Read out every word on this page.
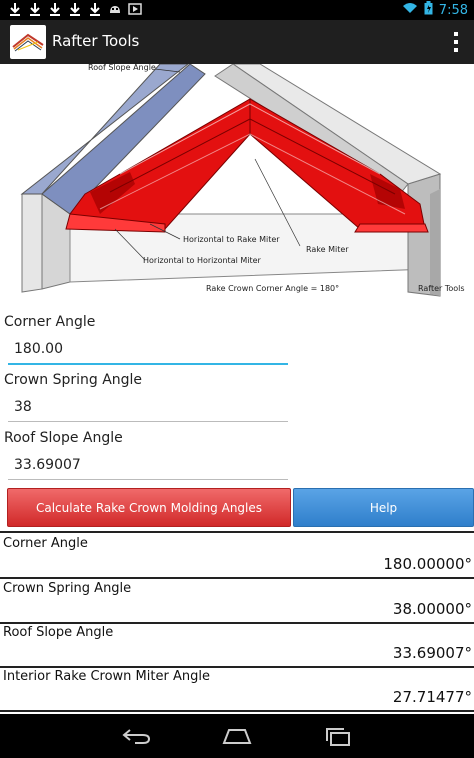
7:58
Rafter Tools
Roof Slope Angle
Horizontal to Rake Miter
Rake Miter
Horizontal to Horizontal Miter
Rake Crown Corner Angle = 180°	Rafter Tools
Corner Angle
180.00
Crown Spring Angle
38
Roof Slope Angle
33.69007
Calculate Rake Crown Molding Angles	Help
Corner Angle
180.00000°
Crown Spring Angle
38.00000°
Roof Slope Angle
33.69007°
Interior Rake Crown Miter Angle
27.71477°
